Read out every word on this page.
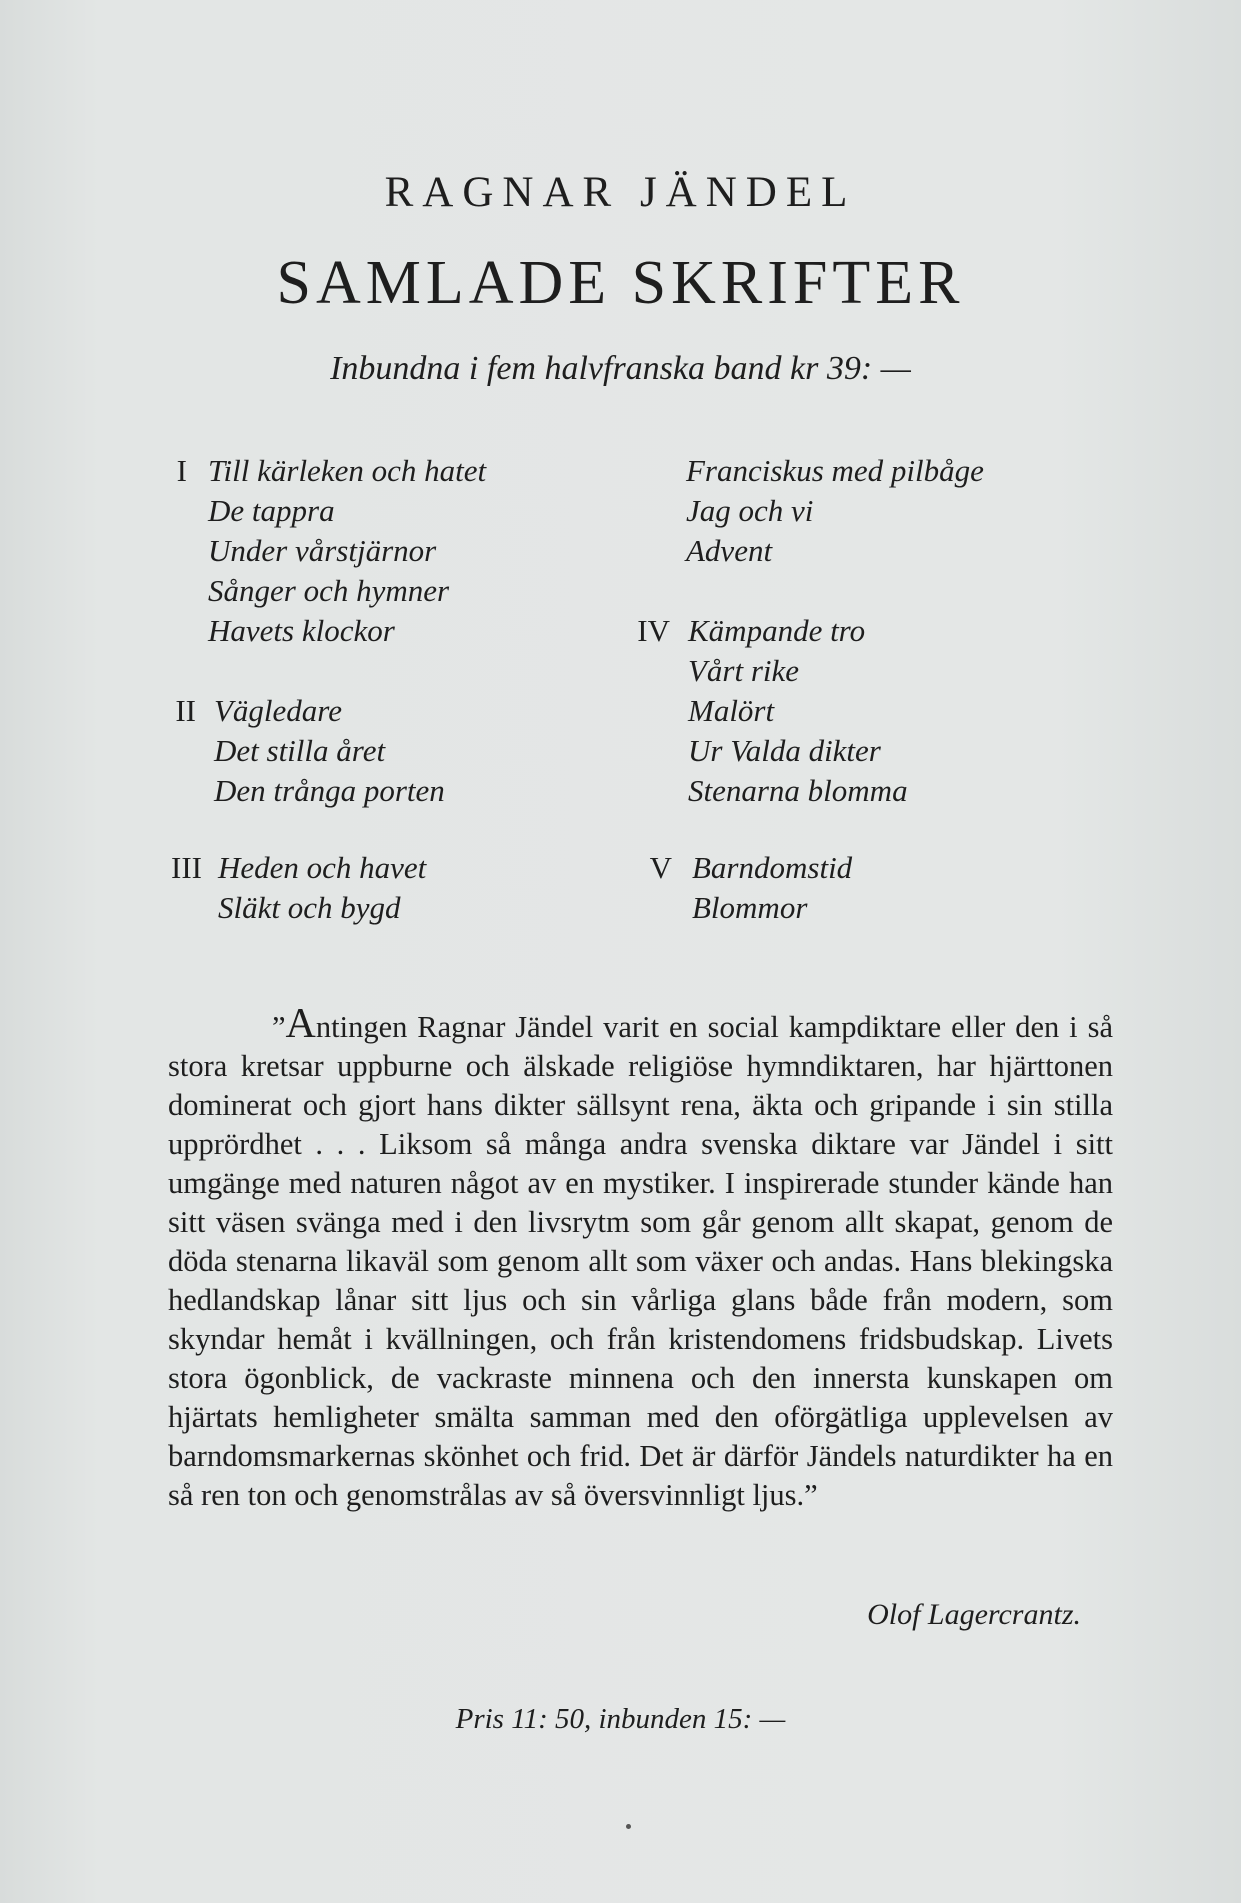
RAGNAR JÄNDEL
SAMLADE SKRIFTER
Inbundna i fem halvfranska band kr 39: —
I Till kärleken och hatet
De tappra
Under vårstjärnor
Sånger och hymner
Havets klockor
II Vägledare
Det stilla året
Den trånga porten
III Heden och havet
Släkt och bygd
Franciskus med pilbåge
Jag och vi
Advent
IV Kämpande tro
Vårt rike
Malört
Ur Valda dikter
Stenarna blomma
V Barndomstid
Blommor

”Antingen Ragnar Jändel varit en social kampdiktare eller den i så stora kretsar uppburne och älskade religiöse hymndiktaren, har hjärttonen dominerat och gjort hans dikter sällsynt rena, äkta och gripande i sin stilla upprördhet . . . Liksom så många andra svenska diktare var Jändel i sitt umgänge med naturen något av en mystiker. I inspirerade stunder kände han sitt väsen svänga med i den livsrytm som går genom allt skapat, genom de döda stenarna likaväl som genom allt som växer och andas. Hans blekingska hedlandskap lånar sitt ljus och sin vårliga glans både från modern, som skyndar hemåt i kvällningen, och från kristendomens fridsbudskap. Livets stora ögonblick, de vackraste minnena och den innersta kunskapen om hjärtats hemligheter smälta samman med den oförgätliga upplevelsen av barndomsmarkernas skönhet och frid. Det är därför Jändels naturdikter ha en så ren ton och genomstrålas av så översvinnligt ljus.”

Olof Lagercrantz.
Pris 11: 50, inbunden 15: —
